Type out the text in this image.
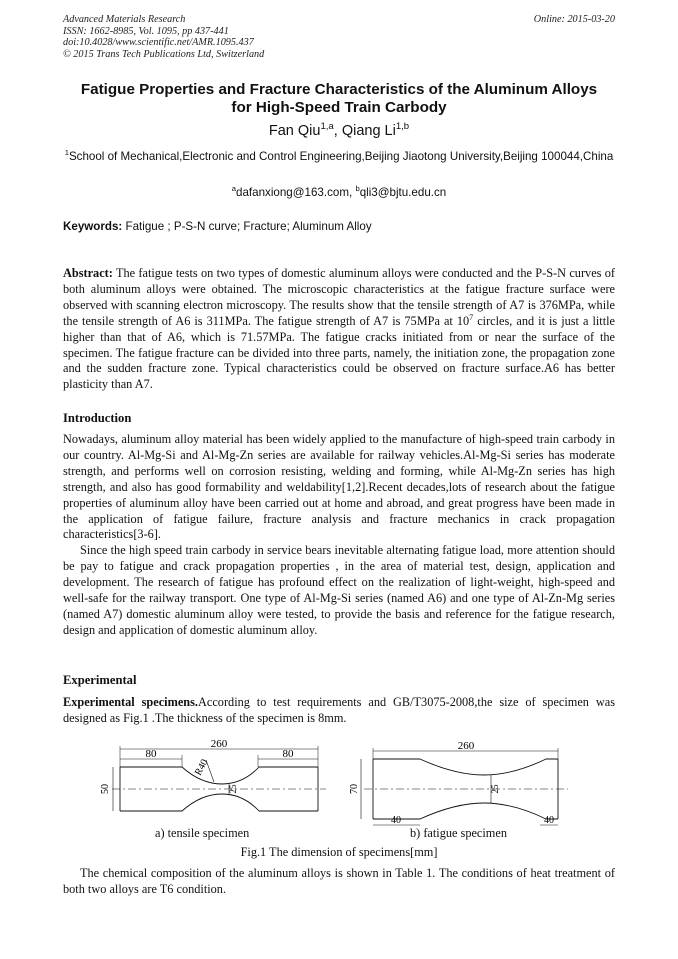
Advanced Materials Research
ISSN: 1662-8985, Vol. 1095, pp 437-441
doi:10.4028/www.scientific.net/AMR.1095.437
© 2015 Trans Tech Publications Ltd, Switzerland
Online: 2015-03-20
Fatigue Properties and Fracture Characteristics of the Aluminum Alloys
for High-Speed Train Carbody
Fan Qiu$^{1,a}$, Qiang Li$^{1,b}$
$^1$School of Mechanical,Electronic and Control Engineering,Beijing Jiaotong University,Beijing 100044,China
$^a$dafanxiong@163.com, $^b$qli3@bjtu.edu.cn
Keywords: Fatigue ; P-S-N curve; Fracture; Aluminum Alloy
Abstract: The fatigue tests on two types of domestic aluminum alloys were conducted and the P-S-N curves of both aluminum alloys were obtained. The microscopic characteristics at the fatigue fracture surface were observed with scanning electron microscopy. The results show that the tensile strength of A7 is 376MPa, while the tensile strength of A6 is 311MPa. The fatigue strength of A7 is 75MPa at $10^7$ circles, and it is just a little higher than that of A6, which is 71.57MPa. The fatigue cracks initiated from or near the surface of the specimen. The fatigue fracture can be divided into three parts, namely, the initiation zone, the propagation zone and the sudden fracture zone. Typical characteristics could be observed on fracture surface.A6 has better plasticity than A7.
Introduction
Nowadays, aluminum alloy material has been widely applied to the manufacture of high-speed train carbody in our country. Al-Mg-Si and Al-Mg-Zn series are available for railway vehicles.Al-Mg-Si series has moderate strength, and performs well on corrosion resisting, welding and forming, while Al-Mg-Zn series has high strength, and also has good formability and weldability[1,2].Recent decades,lots of research about the fatigue properties of aluminum alloy have been carried out at home and abroad, and great progress have been made in the application of fatigue failure, fracture analysis and fracture mechanics in crack propagation characteristics[3-6].
Since the high speed train carbody in service bears inevitable alternating fatigue load, more attention should be pay to fatigue and crack propagation properties , in the area of material test, design, application and development. The research of fatigue has profound effect on the realization of light-weight, high-speed and well-safe for the railway transport. One type of Al-Mg-Si series (named A6) and one type of Al-Zn-Mg series (named A7) domestic aluminum alloy were tested, to provide the basis and reference for the fatigue research, design and application of domestic aluminum alloy.
Experimental
Experimental specimens.According to test requirements and GB/T3075-2008,the size of specimen was designed as Fig.1 .The thickness of the specimen is 8mm.
260
80	80
R40
50	25
260
70	25
40	40
a) tensile specimen	b) fatigue specimen
Fig.1 The dimension of specimens[mm]
The chemical composition of the aluminum alloys is shown in Table 1. The conditions of heat treatment of both two alloys are T6 condition.
